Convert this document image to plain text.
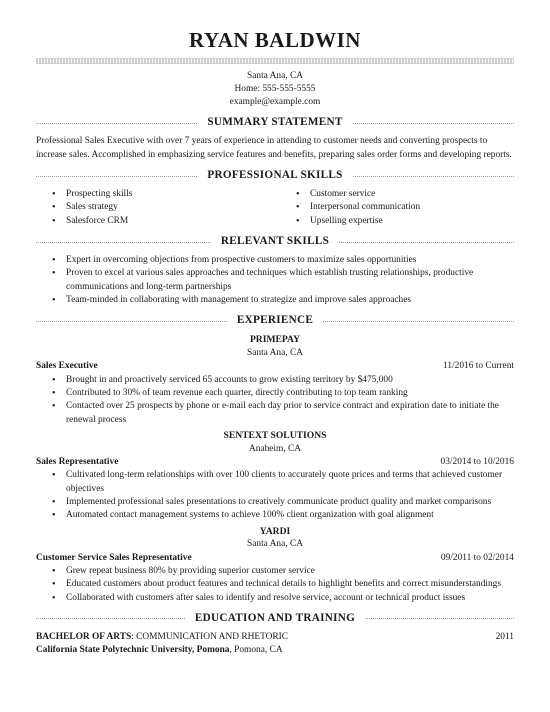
RYAN BALDWIN
Santa Ana, CA
Home: 555-555-5555
example@example.com
SUMMARY STATEMENT
Professional Sales Executive with over 7 years of experience in attending to customer needs and converting prospects to increase sales. Accomplished in emphasizing service features and benefits, preparing sales order forms and developing reports.
PROFESSIONAL SKILLS
• Prospecting skills
• Sales strategy
• Salesforce CRM
• Customer service
• Interpersonal communication
• Upselling expertise
RELEVANT SKILLS
• Expert in overcoming objections from prospective customers to maximize sales opportunities
• Proven to excel at various sales approaches and techniques which establish trusting relationships, productive communications and long-term partnerships
• Team-minded in collaborating with management to strategize and improve sales approaches
EXPERIENCE
PRIMEPAY
Santa Ana, CA
Sales Executive	11/2016 to Current
• Brought in and proactively serviced 65 accounts to grow existing territory by $475,000
• Contributed to 30% of team revenue each quarter, directly contributing to top team ranking
• Contacted over 25 prospects by phone or e-mail each day prior to service contract and expiration date to initiate the renewal process
SENTEXT SOLUTIONS
Anaheim, CA
Sales Representative	03/2014 to 10/2016
• Cultivated long-term relationships with over 100 clients to accurately quote prices and terms that achieved customer objectives
• Implemented professional sales presentations to creatively communicate product quality and market comparisons
• Automated contact management systems to achieve 100% client organization with goal alignment
YARDI
Santa Ana, CA
Customer Service Sales Representative	09/2011 to 02/2014
• Grew repeat business 80% by providing superior customer service
• Educated customers about product features and technical details to highlight benefits and correct misunderstandings
• Collaborated with customers after sales to identify and resolve service, account or technical product issues
EDUCATION AND TRAINING
BACHELOR OF ARTS: COMMUNICATION AND RHETORIC	2011
California State Polytechnic University, Pomona, Pomona, CA
